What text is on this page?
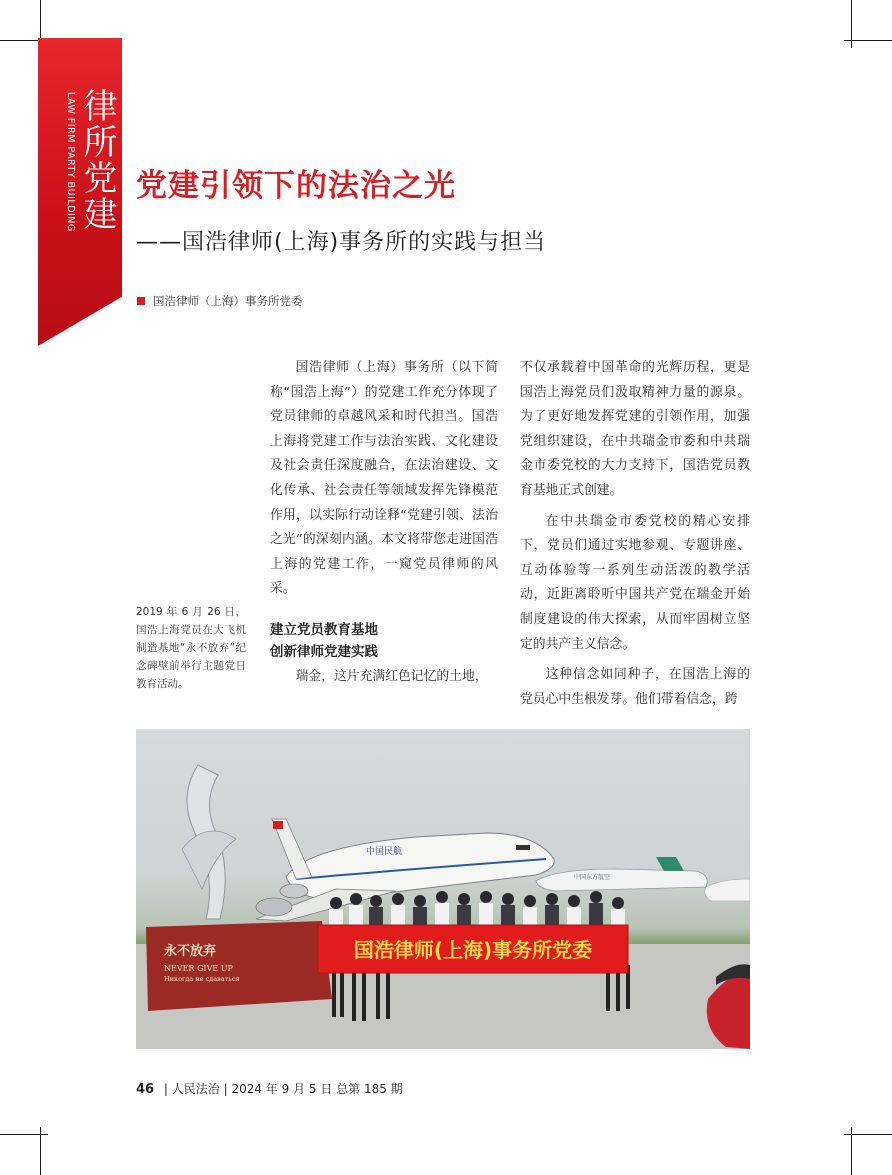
LAW FIRM PARTY BUILDING 律所党建 党建引领下的法治之光
——国浩律师(上海)事务所的实践与担当
国浩律师（上海）事务所党委

国浩律师（上海）事务所（以下简称“国浩上海”）的党建工作充分体现了党员律师的卓越风采和时代担当。国浩上海将党建工作与法治实践、文化建设及社会责任深度融合，在法治建设、文化传承、社会责任等领域发挥先锋模范作用，以实际行动诠释“党建引领、法治之光”的深刻内涵。本文将带您走进国浩上海的党建工作，一窥党员律师的风采。

建立党员教育基地
创新律师党建实践

瑞金，这片充满红色记忆的土地，

不仅承载着中国革命的光辉历程，更是国浩上海党员们汲取精神力量的源泉。为了更好地发挥党建的引领作用，加强党组织建设，在中共瑞金市委和中共瑞金市委党校的大力支持下，国浩党员教育基地正式创建。

在中共瑞金市委党校的精心安排下，党员们通过实地参观、专题讲座、互动体验等一系列生动活泼的教学活动，近距离聆听中国共产党在瑞金开始制度建设的伟大探索，从而牢固树立坚定的共产主义信念。

这种信念如同种子，在国浩上海的党员心中生根发芽。他们带着信念，跨

2019 年 6 月 26 日，国浩上海党员在大飞机制造基地“永不放弃”纪念碑壁前举行主题党日教育活动。
中国东方航空
中国民航
永不放弃
NEVER GIVE UP
Никогда не сдаваться
国浩律师(上海)事务所党委
46 | 人民法治 | 2024 年 9 月 5 日 总第 185 期
